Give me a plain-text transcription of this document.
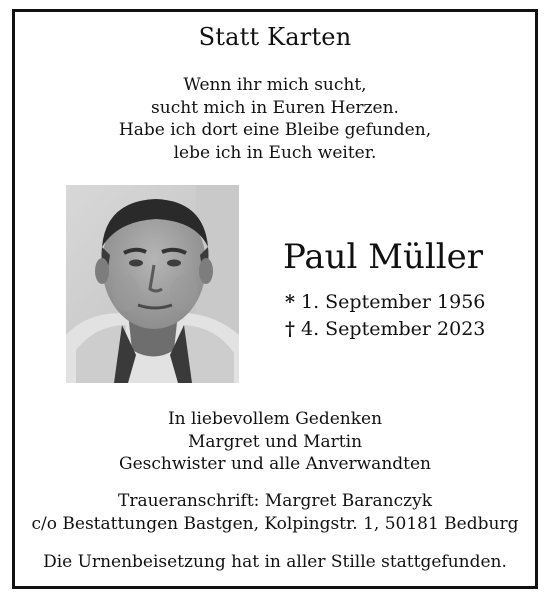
Statt Karten
Wenn ihr mich sucht,
sucht mich in Euren Herzen.
Habe ich dort eine Bleibe gefunden,
lebe ich in Euch weiter.
Paul Müller
* 1. September 1956
† 4. September 2023
In liebevollem Gedenken
Margret und Martin
Geschwister und alle Anverwandten
Traueranschrift: Margret Baranczyk
c/o Bestattungen Bastgen, Kolpingstr. 1, 50181 Bedburg
Die Urnenbeisetzung hat in aller Stille stattgefunden.
